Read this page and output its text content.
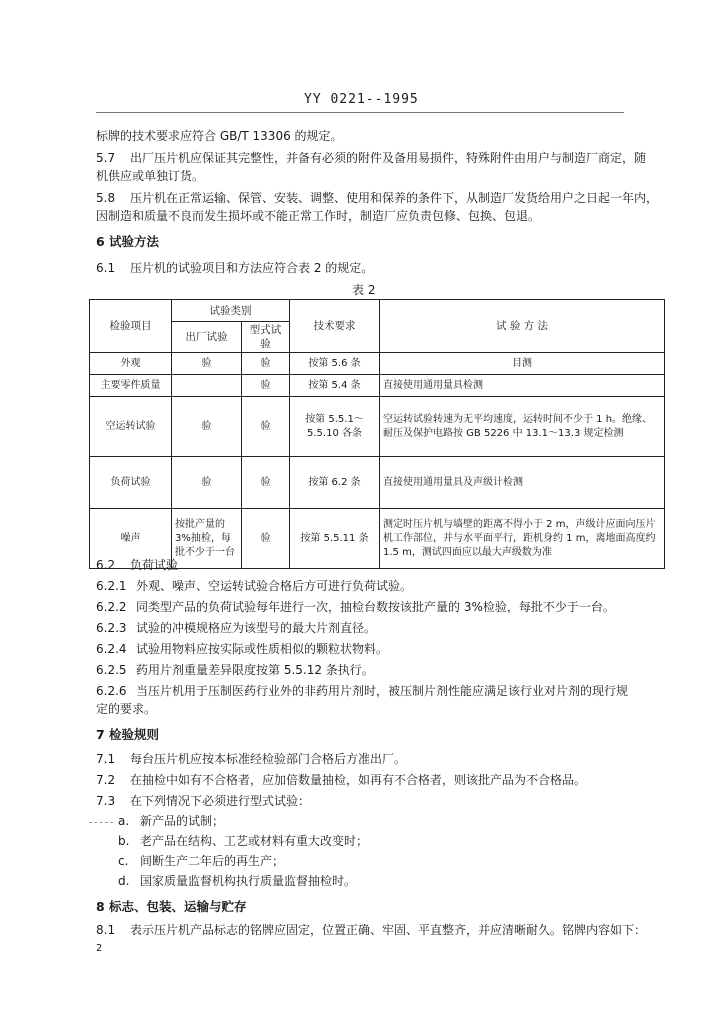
YY 0221--1995
标牌的技术要求应符合 GB/T 13306 的规定。
5.7 出厂压片机应保证其完整性，并备有必须的附件及备用易损件，特殊附件由用户与制造厂商定，随
机供应或单独订货。
5.8 压片机在正常运输、保管、安装、调整、使用和保养的条件下，从制造厂发货给用户之日起一年内，
因制造和质量不良而发生损坏或不能正常工作时，制造厂应负责包修、包换、包退。
6 试验方法
6.1 压片机的试验项目和方法应符合表 2 的规定。
表 2
检验项目	试验类别		技术要求	试 验 方 法
	出厂试验	型式试验		
外观	验	验	按第 5.6 条	目测
主要零件质量		验	按第 5.4 条	直接使用通用量具检测
空运转试验	验	验	按第 5.5.1～5.5.10 各条	空运转试验转速为无平均速度，运转时间不少于 1 h。绝缘、耐压及保护电路按 GB 5226 中 13.1～13.3 规定检测
负荷试验	验	验	按第 6.2 条	直接使用通用量具及声级计检测
噪声	按批产量的 3%抽检，每批不少于一台	验	按第 5.5.11 条	测定时压片机与墙壁的距离不得小于 2 m，声级计应面向压片机工作部位，并与水平面平行，距机身约 1 m，离地面高度约 1.5 m，测试四面应以最大声级数为准
6.2 负荷试验
6.2.1 外观、噪声、空运转试验合格后方可进行负荷试验。
6.2.2 同类型产品的负荷试验每年进行一次，抽检台数按该批产量的 3%检验，每批不少于一台。
6.2.3 试验的冲模规格应为该型号的最大片剂直径。
6.2.4 试验用物料应按实际或性质相似的颗粒状物料。
6.2.5 药用片剂重量差异限度按第 5.5.12 条执行。
6.2.6 当压片机用于压制医药行业外的非药用片剂时，被压制片剂性能应满足该行业对片剂的现行规
定的要求。
7 检验规则
7.1 每台压片机应按本标准经检验部门合格后方准出厂。
7.2 在抽检中如有不合格者，应加倍数量抽检，如再有不合格者，则该批产品为不合格品。
7.3 在下列情况下必须进行型式试验：
a. 新产品的试制；
b. 老产品在结构、工艺或材料有重大改变时；
c. 间断生产二年后的再生产；
d. 国家质量监督机构执行质量监督抽检时。
8 标志、包装、运输与贮存
8.1 表示压片机产品标志的铭牌应固定，位置正确、牢固、平直整齐，并应清晰耐久。铭牌内容如下：
2
